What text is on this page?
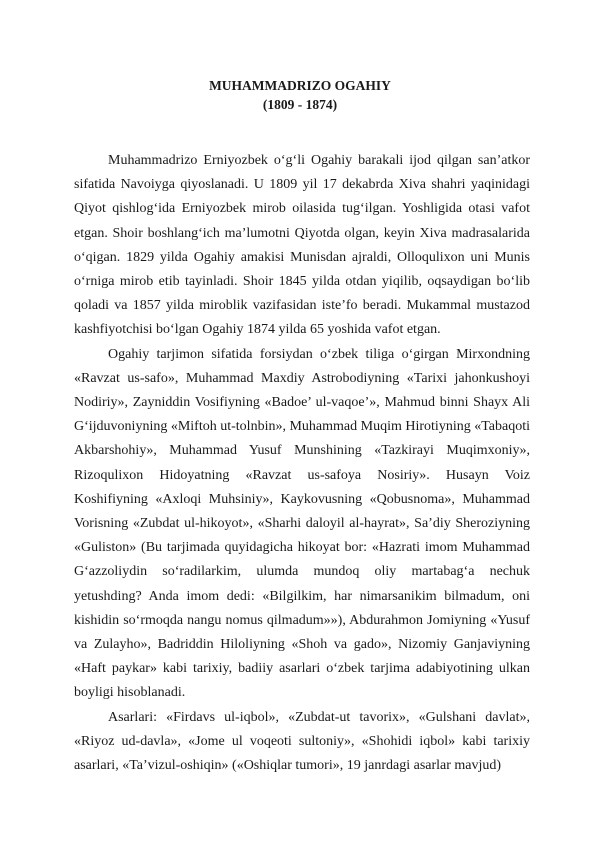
MUHAMMADRIZO OGAHIY
(1809 - 1874)

Muhammadrizo Erniyozbek o‘g‘li Ogahiy barakali ijod qilgan san’atkor sifatida Navoiyga qiyoslanadi. U 1809 yil 17 dekabrda Xiva shahri yaqinidagi Qiyot qishlog‘ida Erniyozbek mirob oilasida tug‘ilgan. Yoshligida otasi vafot etgan. Shoir boshlang‘ich ma’lumotni Qiyotda olgan, keyin Xiva madrasalarida o‘qigan. 1829 yilda Ogahiy amakisi Munisdan ajraldi, Olloqulixon uni Munis o‘rniga mirob etib tayinladi. Shoir 1845 yilda otdan yiqilib, oqsaydigan bo‘lib qoladi va 1857 yilda miroblik vazifasidan iste’fo beradi. Mukammal mustazod kashfiyotchisi bo‘lgan Ogahiy 1874 yilda 65 yoshida vafot etgan.

Ogahiy tarjimon sifatida forsiydan o‘zbek tiliga o‘girgan Mirxondning «Ravzat us-safo», Muhammad Maxdiy Astrobodiyning «Tarixi jahonkushoyi Nodiriy», Zayniddin Vosifiyning «Badoe’ ul-vaqoe’», Mahmud binni Shayx Ali G‘ijduvoniyning «Miftoh ut-tolnbin», Muhammad Muqim Hirotiyning «Tabaqoti Akbarshohiy», Muhammad Yusuf Munshining «Tazkirayi Muqimxoniy», Rizoqulixon Hidoyatning «Ravzat us-safoya Nosiriy». Husayn Voiz Koshifiyning «Axloqi Muhsiniy», Kaykovusning «Qobusnoma», Muhammad Vorisning «Zubdat ul-hikoyot», «Sharhi daloyil al-hayrat», Sa’diy Sheroziyning «Guliston» (Bu tarjimada quyidagicha hikoyat bor: «Hazrati imom Muhammad G‘azzoliydin so‘radilarkim, ulumda mundoq oliy martabag‘a nechuk yetushding? Anda imom dedi: «Bilgilkim, har nimarsanikim bilmadum, oni kishidin so‘rmoqda nangu nomus qilmadum»»), Abdurahmon Jomiyning «Yusuf va Zulayho», Badriddin Hiloliyning «Shoh va gado», Nizomiy Ganjaviyning «Haft paykar» kabi tarixiy, badiiy asarlari o‘zbek tarjima adabiyotining ulkan boyligi hisoblanadi.

Asarlari: «Firdavs ul-iqbol», «Zubdat-ut tavorix», «Gulshani davlat», «Riyoz ud-davla», «Jome ul voqeoti sultoniy», «Shohidi iqbol» kabi tarixiy asarlari, «Ta’vizul-oshiqin» («Oshiqlar tumori», 19 janrdagi asarlar mavjud)
